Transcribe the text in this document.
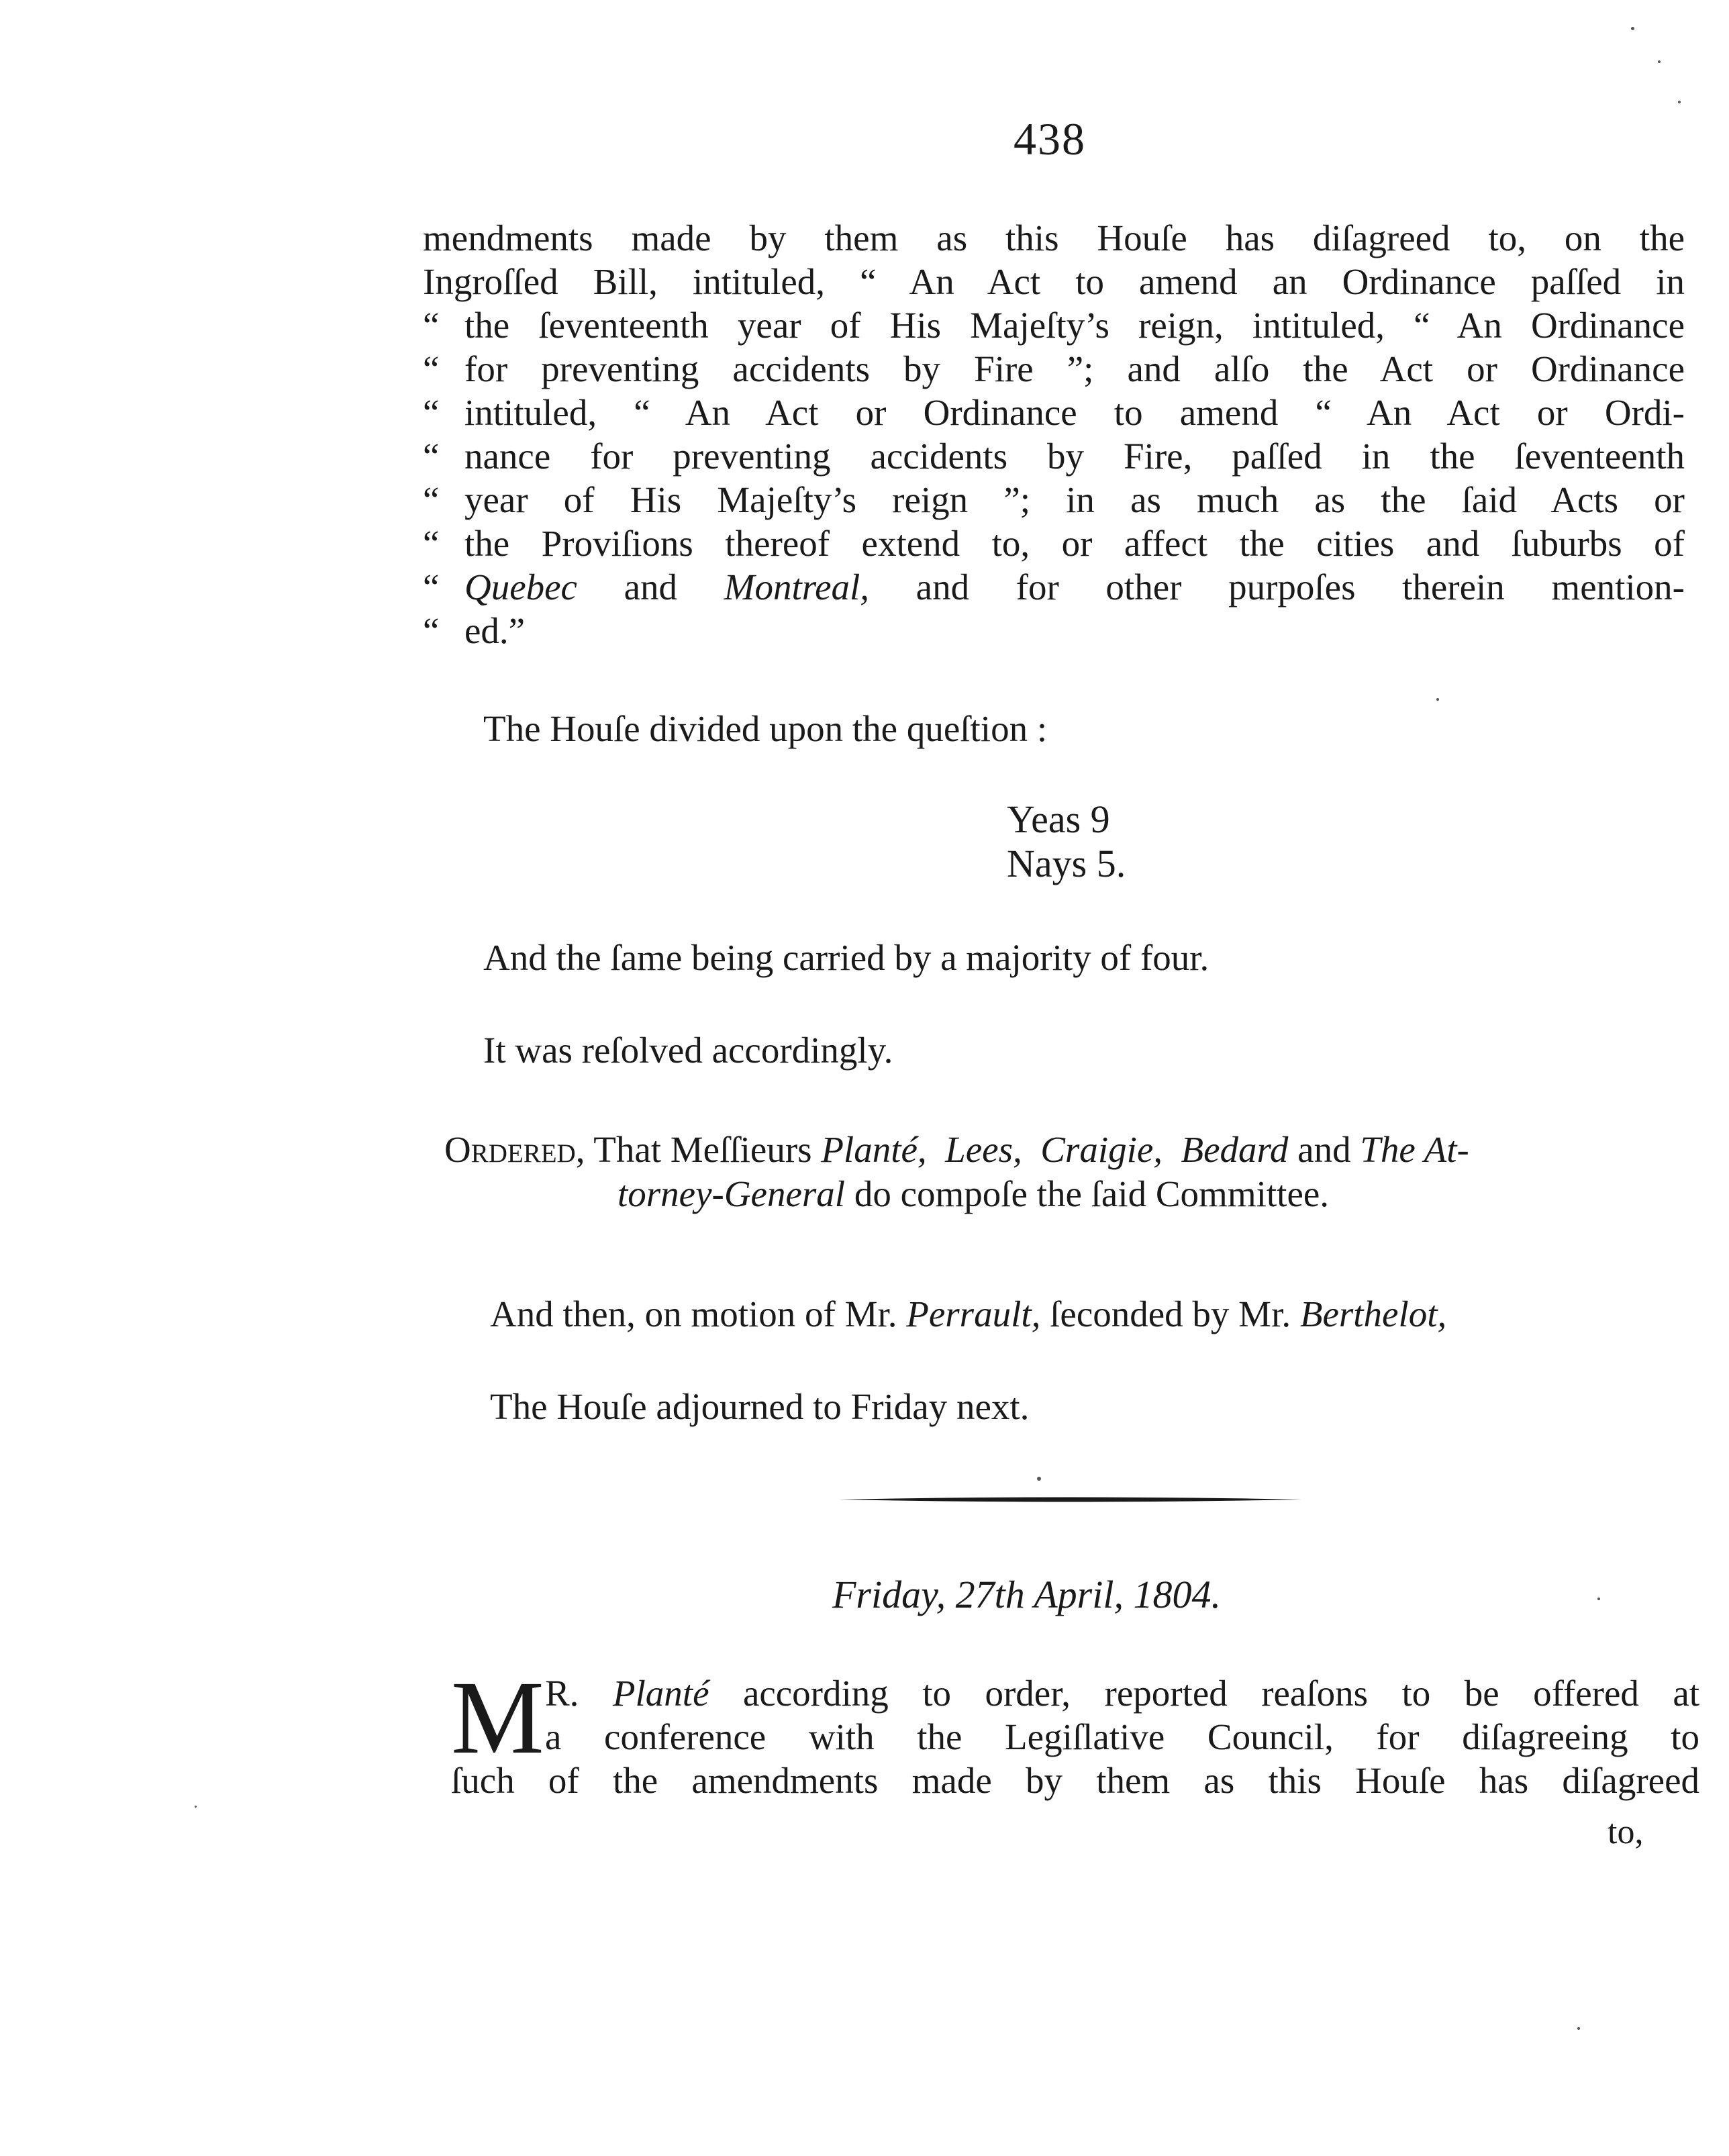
438
mendments made by them as this Houſe has diſagreed to, on the
Ingroſſed Bill, intituled, “ An Act to amend an Ordinance paſſed in
“ the ſeventeenth year of His Majeſty’s reign, intituled, “ An Ordinance
“ for preventing accidents by Fire ”; and alſo the Act or Ordinance
“ intituled, “ An Act or Ordinance to amend “ An Act or Ordi-
“ nance for preventing accidents by Fire, paſſed in the ſeventeenth
“ year of His Majeſty’s reign ”; in as much as the ſaid Acts or
“ the Proviſions thereof extend to, or affect the cities and ſuburbs of
“ Quebec and Montreal, and for other purpoſes therein mention-
“ ed.”
The Houſe divided upon the queſtion :
Yeas 9
Nays 5.
And the ſame being carried by a majority of four.
It was reſolved accordingly.
Ordered, That Meſſieurs Planté, Lees, Craigie, Bedard and The At-
torney-General do compoſe the ſaid Committee.
And then, on motion of Mr. Perrault, ſeconded by Mr. Berthelot,
The Houſe adjourned to Friday next.
Friday, 27th April, 1804.
M R. Planté according to order, reported reaſons to be offered at
a conference with the Legiſlative Council, for diſagreeing to
ſuch of the amendments made by them as this Houſe has diſagreed
to,
